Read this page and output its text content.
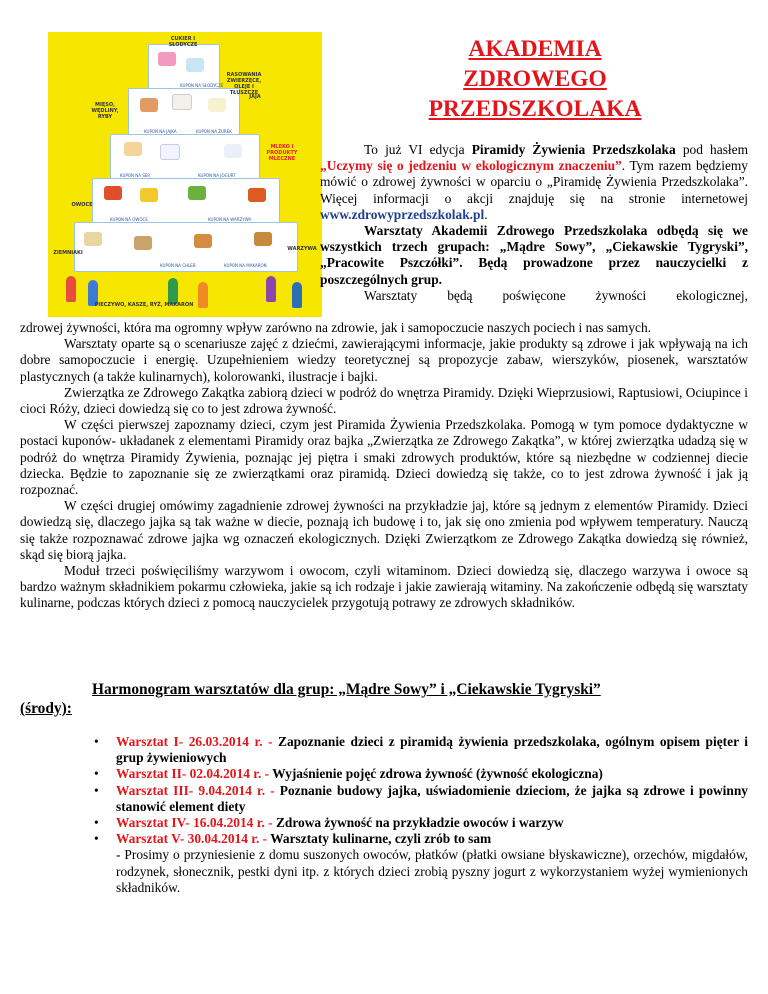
CUKIER I SŁODYCZE
RASOWANIA ZWIERZĘCE, OLEJE I TŁUSZCZE
MIĘSO, WĘDLINY, RYBY
JAJA
MLEKO I PRODUKTY MLECZNE
OWOCE
ZIEMNIAKI
WARZYWA
PIECZYWO, KASZE, RYŻ, MAKARON
KUPON NA SŁODYCZE
KUPON NA JAJKA	KUPON NA ŻUREK
KUPON NA SER	KUPON NA JOGURT
KUPON NA OWOCE	KUPON NA WARZYWA
KUPON NA CHLEB	KUPON NA MAKARON
AKADEMIA
ZDROWEGO
PRZEDSZKOLAKA

To już VI edycja Piramidy Żywienia Przedszkolaka pod hasłem „Uczymy się o jedzeniu w ekologicznym znaczeniu”. Tym razem będziemy mówić o zdrowej żywności w oparciu o „Piramidę Żywienia Przedszkolaka”. Więcej informacji o akcji znajduję się na stronie internetowej www.zdrowyprzedszkolak.pl.

Warsztaty Akademii Zdrowego Przedszkolaka odbędą się we wszystkich trzech grupach: „Mądre Sowy”, „Ciekawskie Tygryski”, „Pracowite Pszczółki”. Będą prowadzone przez nauczycielki z poszczególnych grup.

Warsztaty będą poświęcone żywności ekologicznej,

zdrowej żywności, która ma ogromny wpływ zarówno na zdrowie, jak i samopoczucie naszych pociech i nas samych.

Warsztaty oparte są o scenariusze zajęć z dziećmi, zawierającymi informacje, jakie produkty są zdrowe i jak wpływają na ich dobre samopoczucie i energię. Uzupełnieniem wiedzy teoretycznej są propozycje zabaw, wierszyków, piosenek, warsztatów plastycznych (a także kulinarnych), kolorowanki, ilustracje i bajki.

Zwierzątka ze Zdrowego Zakątka zabiorą dzieci w podróż do wnętrza Piramidy. Dzięki Wieprzusiowi, Raptusiowi, Ociupince i cioci Róży, dzieci dowiedzą się co to jest zdrowa żywność.

W części pierwszej zapoznamy dzieci, czym jest Piramida Żywienia Przedszkolaka. Pomogą w tym pomoce dydaktyczne w postaci kuponów- układanek z elementami Piramidy oraz bajka „Zwierzątka ze Zdrowego Zakątka”, w której zwierzątka udadzą się w podróż do wnętrza Piramidy Żywienia, poznając jej piętra i smaki zdrowych produktów, które są niezbędne w codziennej diecie dziecka. Będzie to zapoznanie się ze zwierzątkami oraz piramidą. Dzieci dowiedzą się także, co to jest zdrowa żywność i jak ją rozpoznać.

W części drugiej omówimy zagadnienie zdrowej żywności na przykładzie jaj, które są jednym z elementów Piramidy. Dzieci dowiedzą się, dlaczego jajka są tak ważne w diecie, poznają ich budowę i to, jak się ono zmienia pod wpływem temperatury. Nauczą się także rozpoznawać zdrowe jajka wg oznaczeń ekologicznych. Dzięki Zwierzątkom ze Zdrowego Zakątka dowiedzą się również, skąd się biorą jajka.

Moduł trzeci poświęciliśmy warzywom i owocom, czyli witaminom. Dzieci dowiedzą się, dlaczego warzywa i owoce są bardzo ważnym składnikiem pokarmu człowieka, jakie są ich rodzaje i jakie zawierają witaminy. Na zakończenie odbędą się warsztaty kulinarne, podczas których dzieci z pomocą nauczycielek przygotują potrawy ze zdrowych składników.

Harmonogram warsztatów dla grup: „Mądre Sowy” i „Ciekawskie Tygryski”
(środy):
• Warsztat I- 26.03.2014 r. - Zapoznanie dzieci z piramidą żywienia przedszkolaka, ogólnym opisem pięter i grup żywieniowych
• Warsztat II- 02.04.2014 r. - Wyjaśnienie pojęć zdrowa żywność (żywność ekologiczna)
• Warsztat III- 9.04.2014 r. - Poznanie budowy jajka, uświadomienie dzieciom, że jajka są zdrowe i powinny stanowić element diety
• Warsztat IV- 16.04.2014 r. - Zdrowa żywność na przykładzie owoców i warzyw
• Warsztat V- 30.04.2014 r. - Warsztaty kulinarne, czyli zrób to sam
- Prosimy o przyniesienie z domu suszonych owoców, płatków (płatki owsiane błyskawiczne), orzechów, migdałów, rodzynek, słonecznik, pestki dyni itp. z których dzieci zrobią pyszny jogurt z wykorzystaniem wyżej wymienionych składników.
